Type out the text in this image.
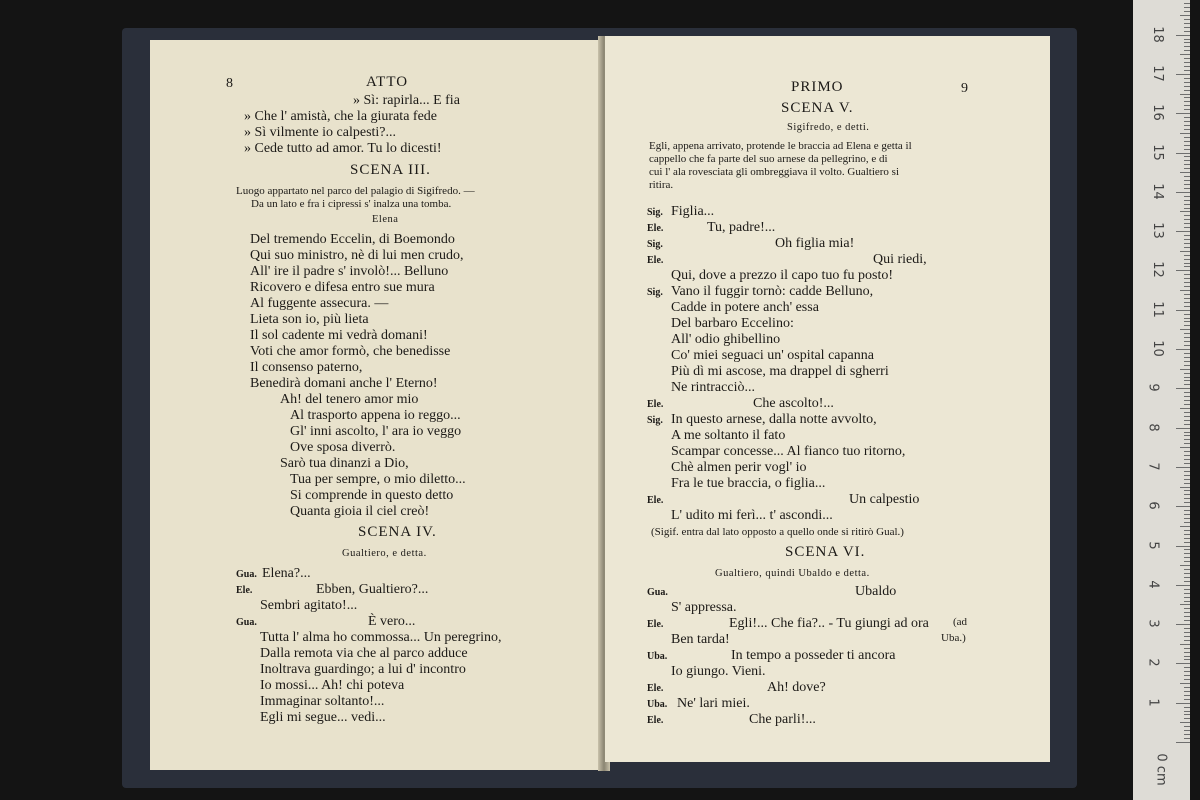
8	ATTO
» Sì: rapirla... E fia
» Che l' amistà, che la giurata fede
» Sì vilmente io calpesti?...
» Cede tutto ad amor. Tu lo dicesti!
SCENA III.
Luogo appartato nel parco del palagio di Sigifredo. —
Da un lato e fra i cipressi s' inalza una tomba.
Elena
Del tremendo Eccelin, di Boemondo
Qui suo ministro, nè di lui men crudo,
All' ire il padre s' involò!... Belluno
Ricovero e difesa entro sue mura
Al fuggente assecura. —
Lieta son io, più lieta
Il sol cadente mi vedrà domani!
Voti che amor formò, che benedisse
Il consenso paterno,
Benedirà domani anche l' Eterno!
Ah! del tenero amor mio
Al trasporto appena io reggo...
Gl' inni ascolto, l' ara io veggo
Ove sposa diverrò.
Sarò tua dinanzi a Dio,
Tua per sempre, o mio diletto...
Si comprende in questo detto
Quanta gioia il ciel creò!
SCENA IV.
Gualtiero, e detta.
Gua. Elena?...
Ele.	Ebben, Gualtiero?...
Sembri agitato!...
Gua.	È vero...
Tutta l' alma ho commossa... Un peregrino,
Dalla remota via che al parco adduce
Inoltrava guardingo; a lui d' incontro
Io mossi... Ah! chi poteva
Immaginar soltanto!...
Egli mi segue... vedi...
PRIMO	9
SCENA V.
Sigifredo, e detti.
Egli, appena arrivato, protende le braccia ad Elena e getta il
cappello che fa parte del suo arnese da pellegrino, e di
cui l' ala rovesciata gli ombreggiava il volto. Gualtiero si
ritira.
Sig. Figlia...
Ele.	Tu, padre!...
Sig.	Oh figlia mia!
Ele.	Qui riedi,
Qui, dove a prezzo il capo tuo fu posto!
Sig. Vano il fuggir tornò: cadde Belluno,
Cadde in potere anch' essa
Del barbaro Eccelino:
All' odio ghibellino
Co' miei seguaci un' ospital capanna
Più dì mi ascose, ma drappel di sgherri
Ne rintracciò...
Ele.	Che ascolto!...
Sig. In questo arnese, dalla notte avvolto,
A me soltanto il fato
Scampar concesse... Al fianco tuo ritorno,
Chè almen perir vogl' io
Fra le tue braccia, o figlia...
Ele.	Un calpestio
L' udito mi ferì... t' ascondi...
(Sigif. entra dal lato opposto a quello onde si ritirò Gual.)
SCENA VI.
Gualtiero, quindi Ubaldo e detta.
Gua.	Ubaldo
S' appressa.
Ele.	Egli!... Che fia?.. - Tu giungi ad ora (ad
Ben tarda!	Uba.)
Uba.	In tempo a posseder ti ancora
Io giungo. Vieni.
Ele.	Ah! dove?
Uba. Ne' lari miei.
Ele.	Che parli!...
0 cm
1
2
3
4
5
6
7
8
9
10
11
12
13
14
15
16
17
18
